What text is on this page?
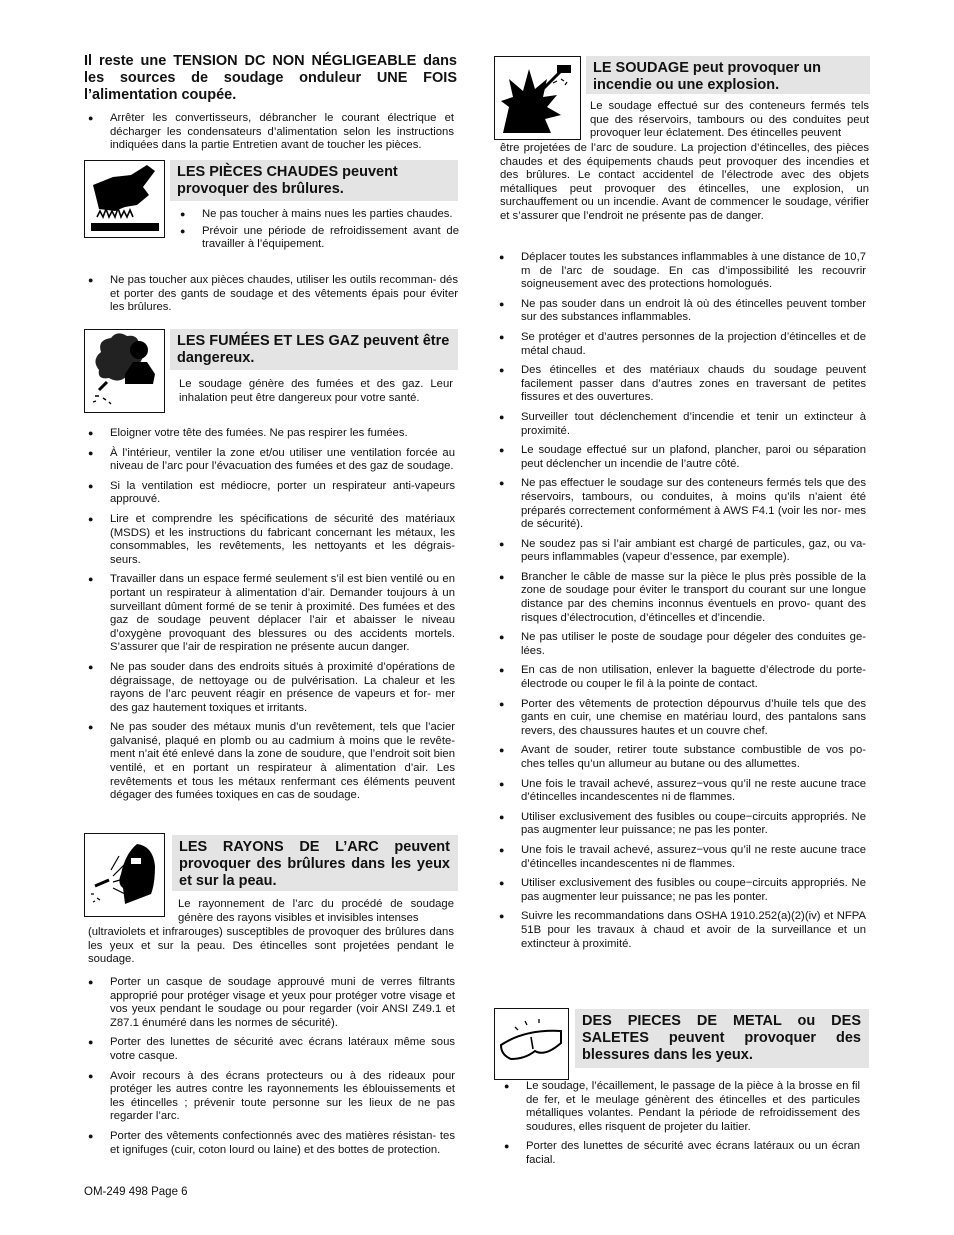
Il reste une TENSION DC NON NÉGLIGEABLE dans les sources de soudage onduleur UNE FOIS l’alimentation coupée.
● Arrêter les convertisseurs, débrancher le courant électrique et décharger les condensateurs d’alimentation selon les instructions indiquées dans la partie Entretien avant de toucher les pièces.
LES PIÈCES CHAUDES peuvent provoquer des brûlures.
● Ne pas toucher à mains nues les parties chaudes.
● Prévoir une période de refroidissement avant de travailler à l’équipement.
● Ne pas toucher aux pièces chaudes, utiliser les outils recomman- dés et porter des gants de soudage et des vêtements épais pour éviter les brûlures.
LES FUMÉES ET LES GAZ peuvent être dangereux.

Le soudage génère des fumées et des gaz. Leur inhalation peut être dangereux pour votre santé.

● Eloigner votre tête des fumées. Ne pas respirer les fumées.
● À l’intérieur, ventiler la zone et/ou utiliser une ventilation forcée au niveau de l’arc pour l’évacuation des fumées et des gaz de soudage.
● Si la ventilation est médiocre, porter un respirateur anti-vapeurs approuvé.
● Lire et comprendre les spécifications de sécurité des matériaux (MSDS) et les instructions du fabricant concernant les métaux, les consommables, les revêtements, les nettoyants et les dégrais- seurs.
● Travailler dans un espace fermé seulement s’il est bien ventilé ou en portant un respirateur à alimentation d’air. Demander toujours à un surveillant dûment formé de se tenir à proximité. Des fumées et des gaz de soudage peuvent déplacer l’air et abaisser le niveau d’oxygène provoquant des blessures ou des accidents mortels. S’assurer que l’air de respiration ne présente aucun danger.
● Ne pas souder dans des endroits situés à proximité d’opérations de dégraissage, de nettoyage ou de pulvérisation. La chaleur et les rayons de l’arc peuvent réagir en présence de vapeurs et for- mer des gaz hautement toxiques et irritants.
● Ne pas souder des métaux munis d’un revêtement, tels que l’acier galvanisé, plaqué en plomb ou au cadmium à moins que le revête- ment n’ait été enlevé dans la zone de soudure, que l’endroit soit bien ventilé, et en portant un respirateur à alimentation d’air. Les revêtements et tous les métaux renfermant ces éléments peuvent dégager des fumées toxiques en cas de soudage.
LES RAYONS DE L’ARC peuvent provoquer des brûlures dans les yeux et sur la peau.

Le rayonnement de l’arc du procédé de soudage génère des rayons visibles et invisibles intenses

(ultraviolets et infrarouges) susceptibles de provoquer des brûlures dans les yeux et sur la peau. Des étincelles sont projetées pendant le soudage.

● Porter un casque de soudage approuvé muni de verres filtrants approprié pour protéger visage et yeux pour protéger votre visage et vos yeux pendant le soudage ou pour regarder (voir ANSI Z49.1 et Z87.1 énuméré dans les normes de sécurité).
● Porter des lunettes de sécurité avec écrans latéraux même sous votre casque.
● Avoir recours à des écrans protecteurs ou à des rideaux pour protéger les autres contre les rayonnements les éblouissements et les étincelles ; prévenir toute personne sur les lieux de ne pas regarder l’arc.
● Porter des vêtements confectionnés avec des matières résistan- tes et ignifuges (cuir, coton lourd ou laine) et des bottes de protection.
OM-249 498 Page 6
LE SOUDAGE peut provoquer un incendie ou une explosion.

Le soudage effectué sur des conteneurs fermés tels que des réservoirs, tambours ou des conduites peut provoquer leur éclatement. Des étincelles peuvent

être projetées de l’arc de soudure. La projection d’étincelles, des pièces chaudes et des équipements chauds peut provoquer des incendies et des brûlures. Le contact accidentel de l’électrode avec des objets métalliques peut provoquer des étincelles, une explosion, un surchauffement ou un incendie. Avant de commencer le soudage, vérifier et s’assurer que l’endroit ne présente pas de danger.

● Déplacer toutes les substances inflammables à une distance de 10,7 m de l’arc de soudage. En cas d’impossibilité les recouvrir soigneusement avec des protections homologués.
● Ne pas souder dans un endroit là où des étincelles peuvent tomber sur des substances inflammables.
● Se protéger et d’autres personnes de la projection d’étincelles et de métal chaud.
● Des étincelles et des matériaux chauds du soudage peuvent facilement passer dans d’autres zones en traversant de petites fissures et des ouvertures.
● Surveiller tout déclenchement d’incendie et tenir un extincteur à proximité.
● Le soudage effectué sur un plafond, plancher, paroi ou séparation peut déclencher un incendie de l’autre côté.
● Ne pas effectuer le soudage sur des conteneurs fermés tels que des réservoirs, tambours, ou conduites, à moins qu’ils n’aient été préparés correctement conformément à AWS F4.1 (voir les nor- mes de sécurité).
● Ne soudez pas si l’air ambiant est chargé de particules, gaz, ou va- peurs inflammables (vapeur d’essence, par exemple).
● Brancher le câble de masse sur la pièce le plus près possible de la zone de soudage pour éviter le transport du courant sur une longue distance par des chemins inconnus éventuels en provo- quant des risques d’électrocution, d’étincelles et d’incendie.
● Ne pas utiliser le poste de soudage pour dégeler des conduites ge- lées.
● En cas de non utilisation, enlever la baguette d’électrode du porte- électrode ou couper le fil à la pointe de contact.
● Porter des vêtements de protection dépourvus d’huile tels que des gants en cuir, une chemise en matériau lourd, des pantalons sans revers, des chaussures hautes et un couvre chef.
● Avant de souder, retirer toute substance combustible de vos po- ches telles qu’un allumeur au butane ou des allumettes.
● Une fois le travail achevé, assurez−vous qu’il ne reste aucune trace d’étincelles incandescentes ni de flammes.
● Utiliser exclusivement des fusibles ou coupe−circuits appropriés. Ne pas augmenter leur puissance; ne pas les ponter.
● Une fois le travail achevé, assurez−vous qu’il ne reste aucune trace d’étincelles incandescentes ni de flammes.
● Utiliser exclusivement des fusibles ou coupe−circuits appropriés. Ne pas augmenter leur puissance; ne pas les ponter.
● Suivre les recommandations dans OSHA 1910.252(a)(2)(iv) et NFPA 51B pour les travaux à chaud et avoir de la surveillance et un extincteur à proximité.
DES PIECES DE METAL ou DES SALETES peuvent provoquer des blessures dans les yeux.
● Le soudage, l’écaillement, le passage de la pièce à la brosse en fil de fer, et le meulage génèrent des étincelles et des particules métalliques volantes. Pendant la période de refroidissement des soudures, elles risquent de projeter du laitier.
● Porter des lunettes de sécurité avec écrans latéraux ou un écran facial.
